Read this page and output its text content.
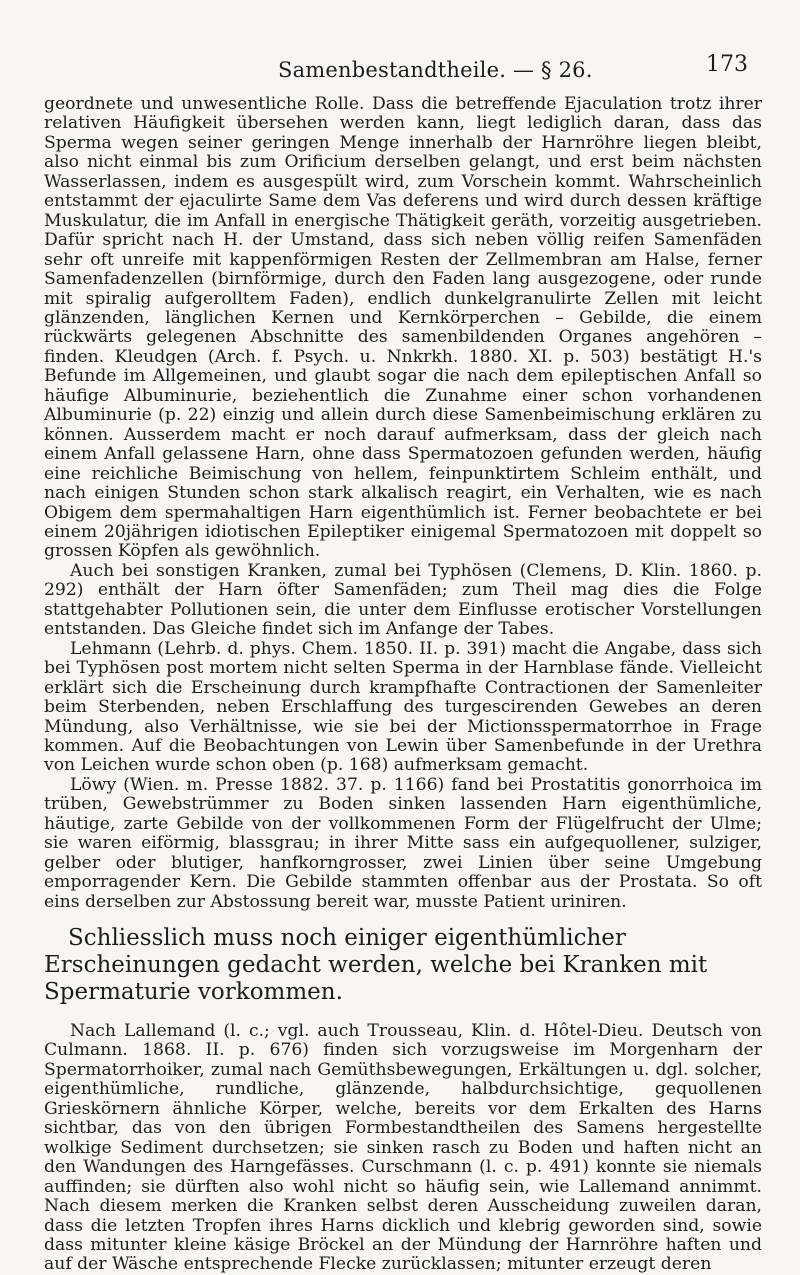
Samenbestandtheile. — § 26.	173

geordnete und unwesentliche Rolle. Dass die betreffende Ejaculation trotz ihrer relativen Häufigkeit übersehen werden kann, liegt lediglich daran, dass das Sperma wegen seiner geringen Menge innerhalb der Harnröhre liegen bleibt, also nicht einmal bis zum Orificium derselben gelangt, und erst beim nächsten Wasserlassen, indem es ausgespült wird, zum Vorschein kommt. Wahrscheinlich entstammt der ejaculirte Same dem Vas deferens und wird durch dessen kräftige Muskulatur, die im Anfall in energische Thätigkeit geräth, vorzeitig ausgetrieben. Dafür spricht nach H. der Umstand, dass sich neben völlig reifen Samenfäden sehr oft unreife mit kappenförmigen Resten der Zellmembran am Halse, ferner Samenfadenzellen (birnförmige, durch den Faden lang ausgezogene, oder runde mit spiralig aufgerolltem Faden), endlich dunkelgranulirte Zellen mit leicht glänzenden, länglichen Kernen und Kernkörperchen – Gebilde, die einem rückwärts gelegenen Abschnitte des samenbildenden Organes angehören – finden. Kleudgen (Arch. f. Psych. u. Nnkrkh. 1880. XI. p. 503) bestätigt H.'s Befunde im Allgemeinen, und glaubt sogar die nach dem epileptischen Anfall so häufige Albuminurie, beziehentlich die Zunahme einer schon vorhandenen Albuminurie (p. 22) einzig und allein durch diese Samenbeimischung erklären zu können. Ausserdem macht er noch darauf aufmerksam, dass der gleich nach einem Anfall gelassene Harn, ohne dass Spermatozoen gefunden werden, häufig eine reichliche Beimischung von hellem, feinpunktirtem Schleim enthält, und nach einigen Stunden schon stark alkalisch reagirt, ein Verhalten, wie es nach Obigem dem spermahaltigen Harn eigenthümlich ist. Ferner beobachtete er bei einem 20jährigen idiotischen Epileptiker einigemal Spermatozoen mit doppelt so grossen Köpfen als gewöhnlich.

Auch bei sonstigen Kranken, zumal bei Typhösen (Clemens, D. Klin. 1860. p. 292) enthält der Harn öfter Samenfäden; zum Theil mag dies die Folge stattgehabter Pollutionen sein, die unter dem Einflusse erotischer Vorstellungen entstanden. Das Gleiche findet sich im Anfange der Tabes.

Lehmann (Lehrb. d. phys. Chem. 1850. II. p. 391) macht die Angabe, dass sich bei Typhösen post mortem nicht selten Sperma in der Harnblase fände. Vielleicht erklärt sich die Erscheinung durch krampfhafte Contractionen der Samenleiter beim Sterbenden, neben Erschlaffung des turgescirenden Gewebes an deren Mündung, also Verhältnisse, wie sie bei der Mictionsspermatorrhoe in Frage kommen. Auf die Beobachtungen von Lewin über Samenbefunde in der Urethra von Leichen wurde schon oben (p. 168) aufmerksam gemacht.

Löwy (Wien. m. Presse 1882. 37. p. 1166) fand bei Prostatitis gonorrhoica im trüben, Gewebstrümmer zu Boden sinken lassenden Harn eigenthümliche, häutige, zarte Gebilde von der vollkommenen Form der Flügelfrucht der Ulme; sie waren eiförmig, blassgrau; in ihrer Mitte sass ein aufgequollener, sulziger, gelber oder blutiger, hanfkorngrosser, zwei Linien über seine Umgebung emporragender Kern. Die Gebilde stammten offenbar aus der Prostata. So oft eins derselben zur Abstossung bereit war, musste Patient uriniren.

Schliesslich muss noch einiger eigenthümlicher Erscheinungen gedacht werden, welche bei Kranken mit Spermaturie vorkommen.

Nach Lallemand (l. c.; vgl. auch Trousseau, Klin. d. Hôtel-Dieu. Deutsch von Culmann. 1868. II. p. 676) finden sich vorzugsweise im Morgenharn der Spermatorrhoiker, zumal nach Gemüthsbewegungen, Erkältungen u. dgl. solcher, eigenthümliche, rundliche, glänzende, halbdurchsichtige, gequollenen Grieskörnern ähnliche Körper, welche, bereits vor dem Erkalten des Harns sichtbar, das von den übrigen Formbestandtheilen des Samens hergestellte wolkige Sediment durchsetzen; sie sinken rasch zu Boden und haften nicht an den Wandungen des Harngefässes. Curschmann (l. c. p. 491) konnte sie niemals auffinden; sie dürften also wohl nicht so häufig sein, wie Lallemand annimmt. Nach diesem merken die Kranken selbst deren Ausscheidung zuweilen daran, dass die letzten Tropfen ihres Harns dicklich und klebrig geworden sind, sowie dass mitunter kleine käsige Bröckel an der Mündung der Harnröhre haften und auf der Wäsche entsprechende Flecke zurücklassen; mitunter erzeugt deren
